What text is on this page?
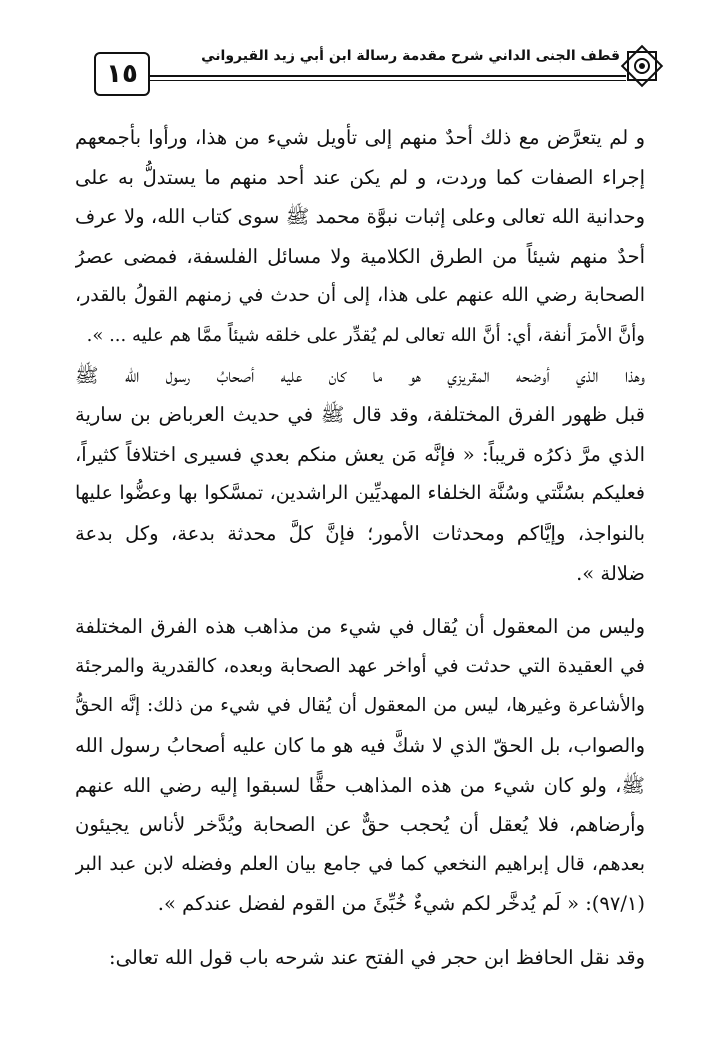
قطف الجنى الداني شرح مقدمة رسالة ابن أبي زيد القيرواني
١٥
و لم يتعرَّض مع ذلك أحدٌ منهم إلى تأويل شيء من هذا، ورأوا بأجمعهم
إجراء الصفات كما وردت، و لم يكن عند أحد منهم ما يستدلُّ به على
وحدانية الله تعالى وعلى إثبات نبوَّة محمد ﷺ سوى كتاب الله، ولا عرف
أحدٌ منهم شيئاً من الطرق الكلامية ولا مسائل الفلسفة، فمضى عصرُ
الصحابة رضي الله عنهم على هذا، إلى أن حدث في زمنهم القولُ بالقدر،
وأنَّ الأمرَ أنفة، أي: أنَّ الله تعالى لم يُقدِّر على خلقه شيئاً ممَّا هم عليه ... ».
وهذا الذي أوضحه المقريزي هو ما كان عليه أصحابُ رسول الله ﷺ
قبل ظهور الفرق المختلفة، وقد قال ﷺ في حديث العرباض بن سارية
الذي مرَّ ذكرُه قريباً: « فإنَّه مَن يعش منكم بعدي فسيرى اختلافاً كثيراً،
فعليكم بسُنَّتي وسُنَّة الخلفاء المهديِّين الراشدين، تمسَّكوا بها وعضُّوا عليها
بالنواجذ، وإيَّاكم ومحدثات الأمور؛ فإنَّ كلَّ محدثة بدعة، وكل بدعة
ضلالة ».
وليس من المعقول أن يُقال في شيء من مذاهب هذه الفرق المختلفة
في العقيدة التي حدثت في أواخر عهد الصحابة وبعده، كالقدرية والمرجئة
والأشاعرة وغيرها، ليس من المعقول أن يُقال في شيء من ذلك: إنَّه الحقُّ
والصواب، بل الحقّ الذي لا شكَّ فيه هو ما كان عليه أصحابُ رسول الله
ﷺ، ولو كان شيء من هذه المذاهب حقًّا لسبقوا إليه رضي الله عنهم
وأرضاهم، فلا يُعقل أن يُحجب حقٌّ عن الصحابة ويُدَّخر لأناس يجيئون
بعدهم، قال إبراهيم النخعي كما في جامع بيان العلم وفضله لابن عبد البر
(٩٧/١): « لَم يُدخَّر لكم شيءٌ خُبِّئَ من القوم لفضل عندكم ».
وقد نقل الحافظ ابن حجر في الفتح عند شرحه باب قول الله تعالى:
